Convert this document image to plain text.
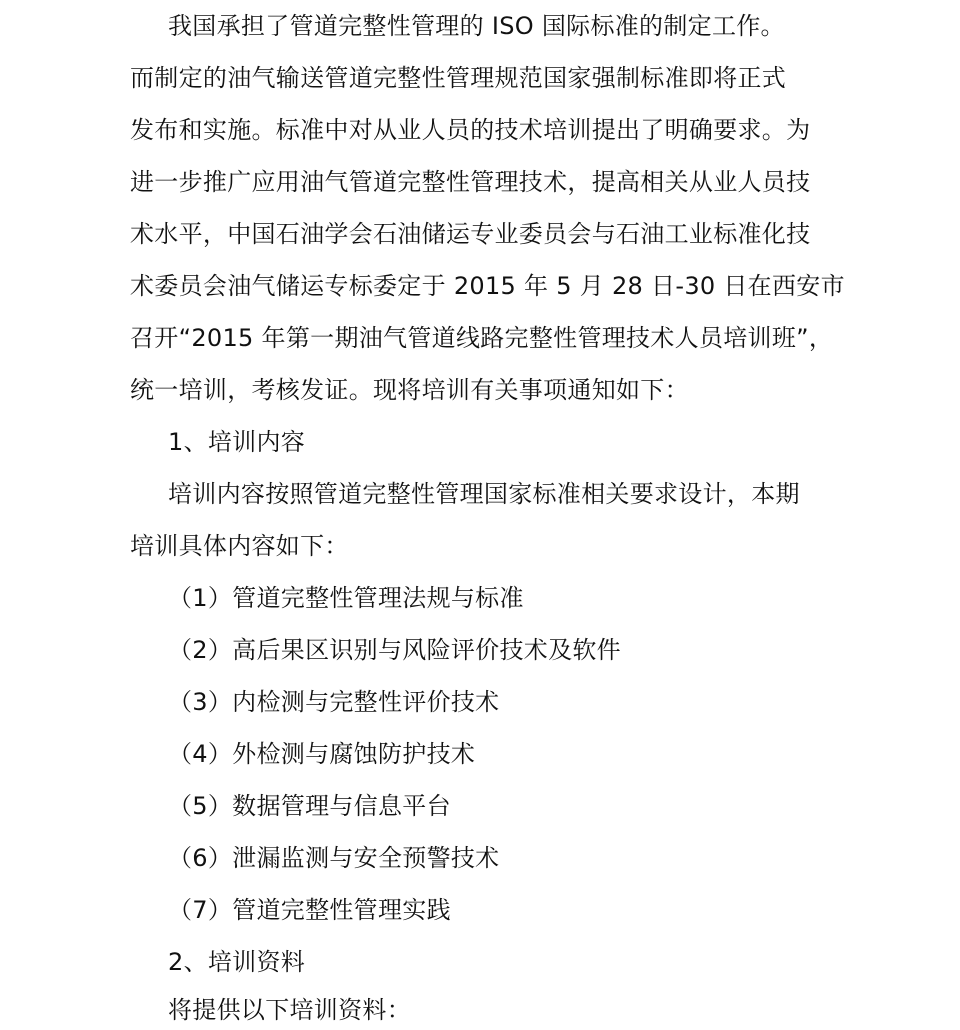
我国承担了管道完整性管理的 ISO 国际标准的制定工作。
而制定的油气输送管道完整性管理规范国家强制标准即将正式
发布和实施。标准中对从业人员的技术培训提出了明确要求。为
进一步推广应用油气管道完整性管理技术，提高相关从业人员技
术水平，中国石油学会石油储运专业委员会与石油工业标准化技
术委员会油气储运专标委定于 2015 年 5 月 28 日-30 日在西安市
召开“2015 年第一期油气管道线路完整性管理技术人员培训班”，
统一培训，考核发证。现将培训有关事项通知如下：
1、培训内容
培训内容按照管道完整性管理国家标准相关要求设计，本期
培训具体内容如下：
（1）管道完整性管理法规与标准
（2）高后果区识别与风险评价技术及软件
（3）内检测与完整性评价技术
（4）外检测与腐蚀防护技术
（5）数据管理与信息平台
（6）泄漏监测与安全预警技术
（7）管道完整性管理实践
2、培训资料
将提供以下培训资料：
